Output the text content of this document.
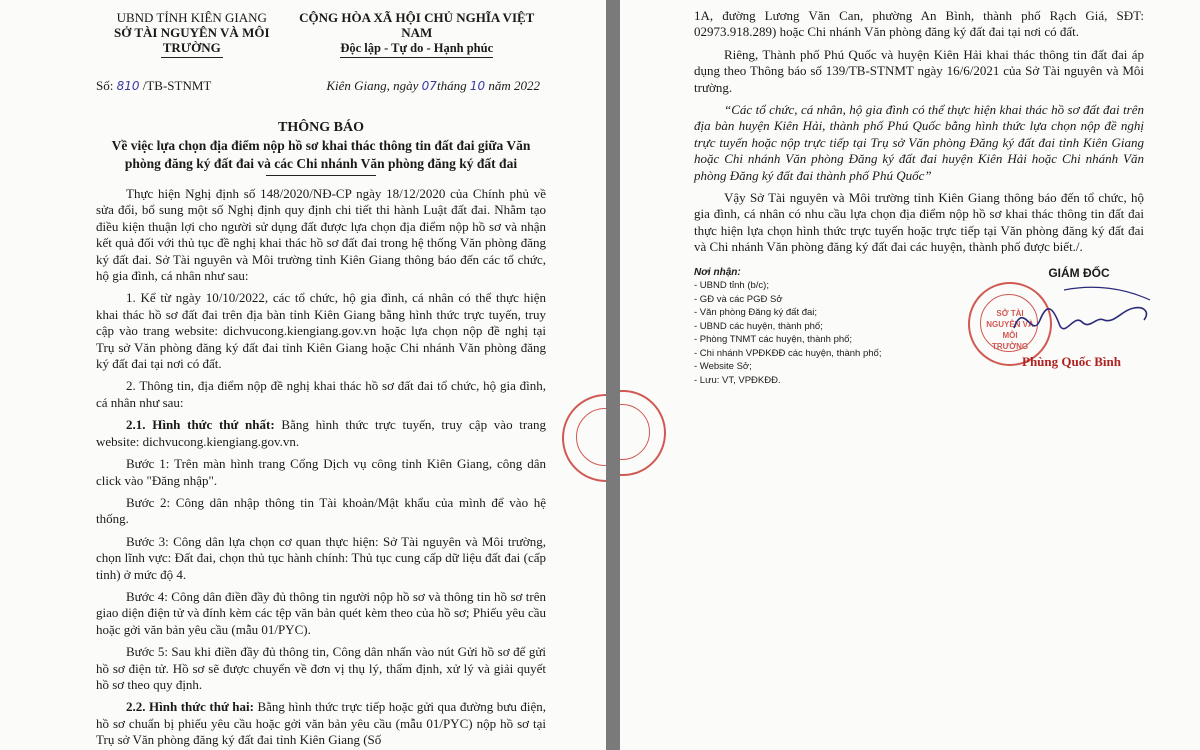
UBND TỈNH KIÊN GIANG
SỞ TÀI NGUYÊN VÀ MÔI TRƯỜNG
CỘNG HÒA XÃ HỘI CHỦ NGHĨA VIỆT NAM
Độc lập - Tự do - Hạnh phúc
Số: 810 /TB-STNMT	Kiên Giang, ngày 07tháng 10 năm 2022
THÔNG BÁO
Về việc lựa chọn địa điểm nộp hồ sơ khai thác thông tin đất đai giữa Văn
phòng đăng ký đất đai và các Chi nhánh Văn phòng đăng ký đất đai

Thực hiện Nghị định số 148/2020/NĐ-CP ngày 18/12/2020 của Chính phủ về sửa đổi, bổ sung một số Nghị định quy định chi tiết thi hành Luật đất đai. Nhằm tạo điều kiện thuận lợi cho người sử dụng đất được lựa chọn địa điểm nộp hồ sơ và nhận kết quả đối với thủ tục đề nghị khai thác hồ sơ đất đai trong hệ thống Văn phòng đăng ký đất đai. Sở Tài nguyên và Môi trường tỉnh Kiên Giang thông báo đến các tổ chức, hộ gia đình, cá nhân như sau:

1. Kể từ ngày 10/10/2022, các tổ chức, hộ gia đình, cá nhân có thể thực hiện khai thác hồ sơ đất đai trên địa bàn tỉnh Kiên Giang bằng hình thức trực tuyến, truy cập vào trang website: dichvucong.kiengiang.gov.vn hoặc lựa chọn nộp đề nghị tại Trụ sở Văn phòng đăng ký đất đai tỉnh Kiên Giang hoặc Chi nhánh Văn phòng đăng ký đất đai tại nơi có đất.

2. Thông tin, địa điểm nộp đề nghị khai thác hồ sơ đất đai tổ chức, hộ gia đình, cá nhân như sau:

2.1. Hình thức thứ nhất: Bằng hình thức trực tuyến, truy cập vào trang website: dichvucong.kiengiang.gov.vn.

Bước 1: Trên màn hình trang Cổng Dịch vụ công tỉnh Kiên Giang, công dân click vào "Đăng nhập".

Bước 2: Công dân nhập thông tin Tài khoản/Mật khẩu của mình để vào hệ thống.

Bước 3: Công dân lựa chọn cơ quan thực hiện: Sở Tài nguyên và Môi trường, chọn lĩnh vực: Đất đai, chọn thủ tục hành chính: Thủ tục cung cấp dữ liệu đất đai (cấp tỉnh) ở mức độ 4.

Bước 4: Công dân điền đầy đủ thông tin người nộp hồ sơ và thông tin hồ sơ trên giao diện điện tử và đính kèm các tệp văn bản quét kèm theo của hồ sơ; Phiếu yêu cầu hoặc gởi văn bản yêu cầu (mẫu 01/PYC).

Bước 5: Sau khi điền đầy đủ thông tin, Công dân nhấn vào nút Gửi hồ sơ để gửi hồ sơ điện tử. Hồ sơ sẽ được chuyển về đơn vị thụ lý, thẩm định, xử lý và giải quyết hồ sơ theo quy định.

2.2. Hình thức thứ hai: Bằng hình thức trực tiếp hoặc gửi qua đường bưu điện, hồ sơ chuẩn bị phiếu yêu cầu hoặc gởi văn bản yêu cầu (mẫu 01/PYC) nộp hồ sơ tại Trụ sở Văn phòng đăng ký đất đai tỉnh Kiên Giang (Số

1A, đường Lương Văn Can, phường An Bình, thành phố Rạch Giá, SĐT: 02973.918.289) hoặc Chi nhánh Văn phòng đăng ký đất đai tại nơi có đất.

Riêng, Thành phố Phú Quốc và huyện Kiên Hải khai thác thông tin đất đai áp dụng theo Thông báo số 139/TB-STNMT ngày 16/6/2021 của Sở Tài nguyên và Môi trường.

“Các tổ chức, cá nhân, hộ gia đình có thể thực hiện khai thác hồ sơ đất đai trên địa bàn huyện Kiên Hải, thành phố Phú Quốc bằng hình thức lựa chọn nộp đề nghị trực tuyến hoặc nộp trực tiếp tại Trụ sở Văn phòng Đăng ký đất đai tỉnh Kiên Giang hoặc Chi nhánh Văn phòng Đăng ký đất đai huyện Kiên Hải hoặc Chi nhánh Văn phòng Đăng ký đất đai thành phố Phú Quốc”

Vậy Sở Tài nguyên và Môi trường tỉnh Kiên Giang thông báo đến tổ chức, hộ gia đình, cá nhân có nhu cầu lựa chọn địa điểm nộp hồ sơ khai thác thông tin đất đai thực hiện lựa chọn hình thức trực tuyến hoặc trực tiếp tại Văn phòng đăng ký đất đai và Chi nhánh Văn phòng đăng ký đất đai các huyện, thành phố được biết./.

Nơi nhận:
- UBND tỉnh (b/c);
- GĐ và các PGĐ Sở
- Văn phòng Đăng ký đất đai;
- UBND các huyện, thành phố;
- Phòng TNMT các huyện, thành phố;
- Chi nhánh VPĐKĐĐ các huyện, thành phố;
- Website Sở;
- Lưu: VT, VPĐKĐĐ.
GIÁM ĐỐC
SỞ TÀI NGUYÊN VÀ MÔI TRƯỜNG
Phùng Quốc Bình
